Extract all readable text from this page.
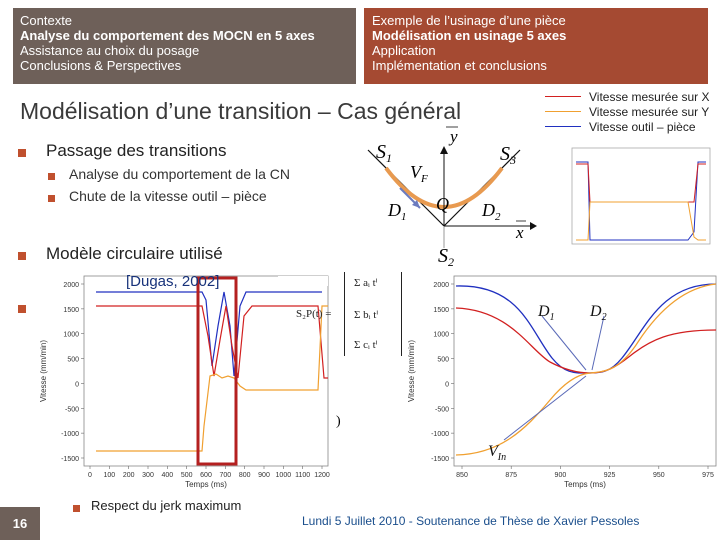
Contexte
Analyse du comportement des MOCN en 5 axes
Assistance au choix du posage
Conclusions & Perspectives
Exemple de l’usinage d’une pièce
Modélisation en usinage 5 axes
Application
Implémentation et conclusions
Modélisation d’une transition – Cas général
Vitesse mesurée sur X
Vitesse mesurée sur Y
Vitesse outil – pièce
Passage des transitions
Analyse du comportement de la CN
Chute de la vitesse outil – pièce
Modèle circulaire utilisé
$S_1$	$S_3$
$S_2$
$D_1$	$D_2$
Q
$V_F$
x
y
2000
1500
1000
500
0
-500
-1000
-1500
0 100 200 300 400 500 600 700 800 900 1000 1100 1200
Temps (ms)
Vitesse (mm/min)
2000
1500
1000
500
0
-500
-1000
-1500
850	875	900	925	950	975
Temps (ms)
Vitesse (mm/min)
$D_1$ $D_2$
$V_{In}$
[Dugas, 2002]
S₂P(t) =
Σ aᵢ tⁱ
Σ bᵢ tⁱ
Σ cᵢ tⁱ
)
Respect du jerk maximum
16	Lundi 5 Juillet 2010 - Soutenance de Thèse de Xavier Pessoles
